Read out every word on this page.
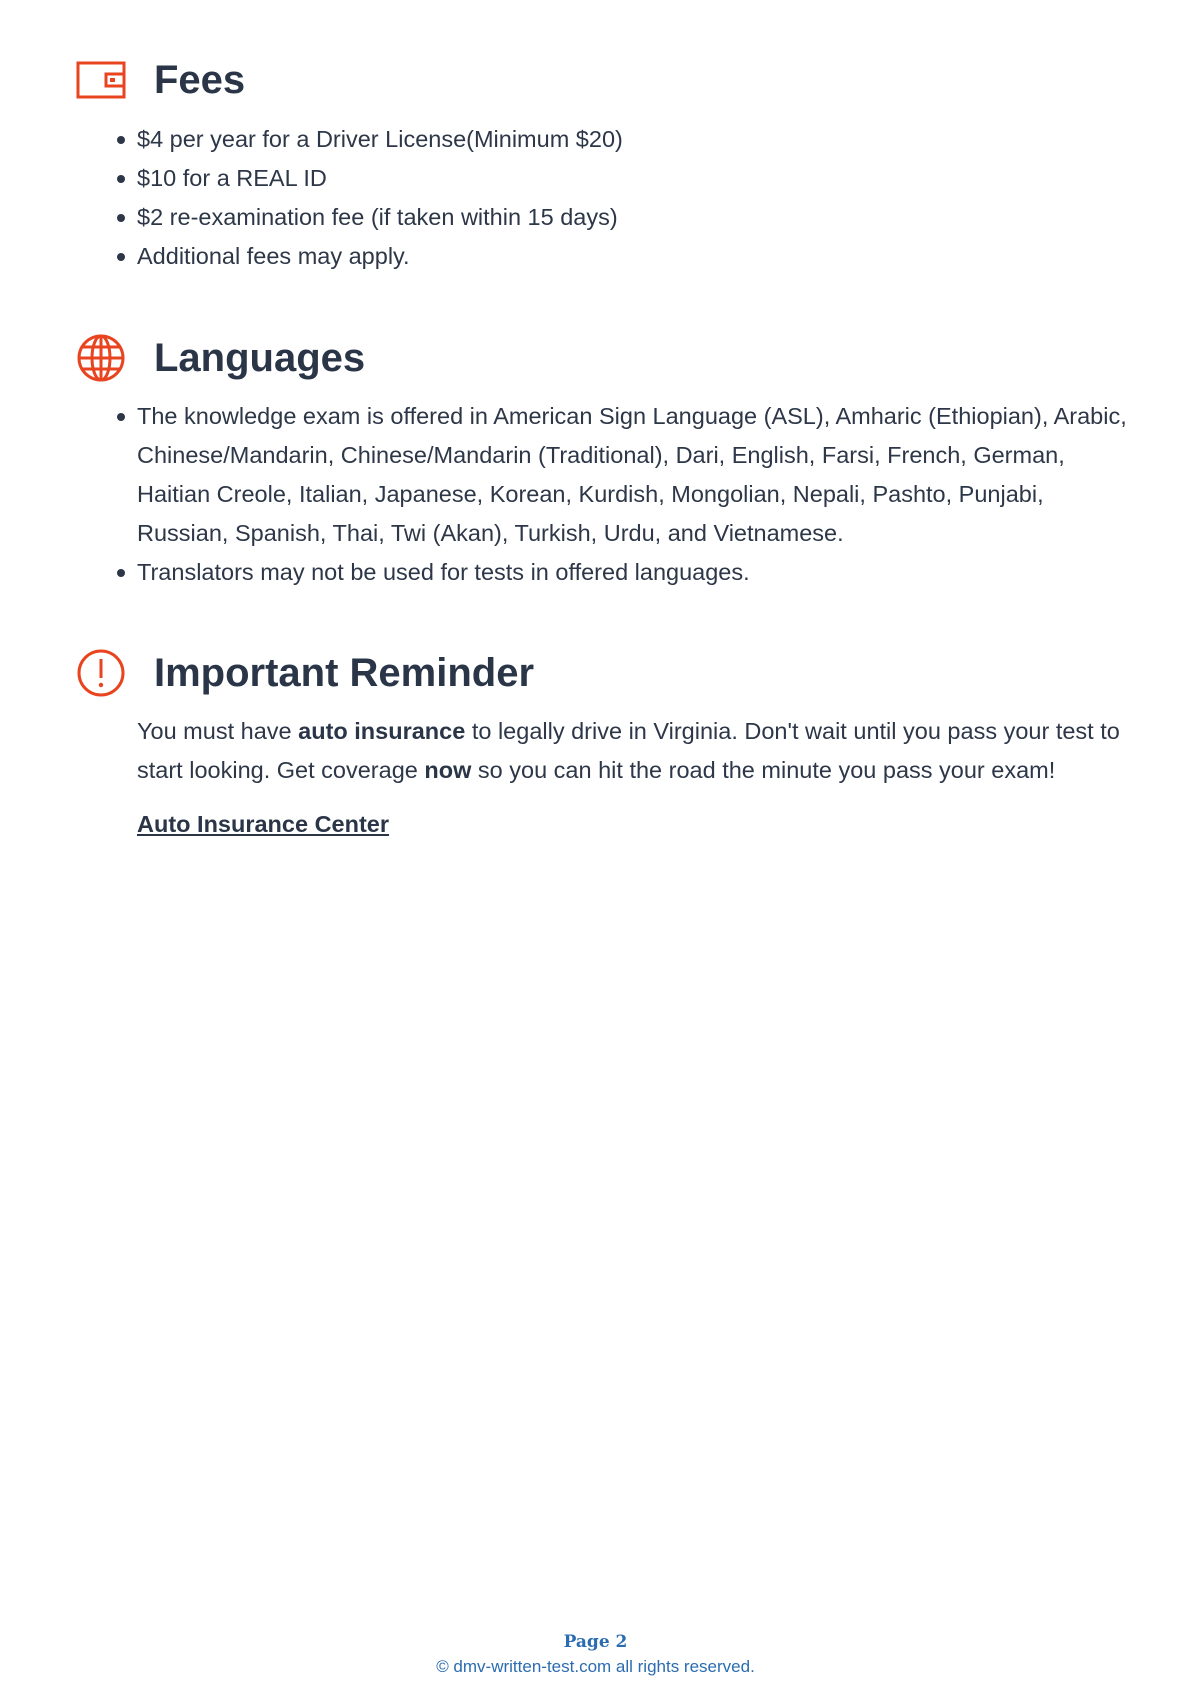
Fees
$4 per year for a Driver License(Minimum $20)
$10 for a REAL ID
$2 re-examination fee (if taken within 15 days)
Additional fees may apply.
Languages
The knowledge exam is offered in American Sign Language (ASL), Amharic (Ethiopian), Arabic, Chinese/Mandarin, Chinese/Mandarin (Traditional), Dari, English, Farsi, French, German, Haitian Creole, Italian, Japanese, Korean, Kurdish, Mongolian, Nepali, Pashto, Punjabi, Russian, Spanish, Thai, Twi (Akan), Turkish, Urdu, and Vietnamese.
Translators may not be used for tests in offered languages.
Important Reminder

You must have auto insurance to legally drive in Virginia. Don't wait until you pass your test to start looking. Get coverage now so you can hit the road the minute you pass your exam!

Auto Insurance Center
Page 2
© dmv-written-test.com all rights reserved.
